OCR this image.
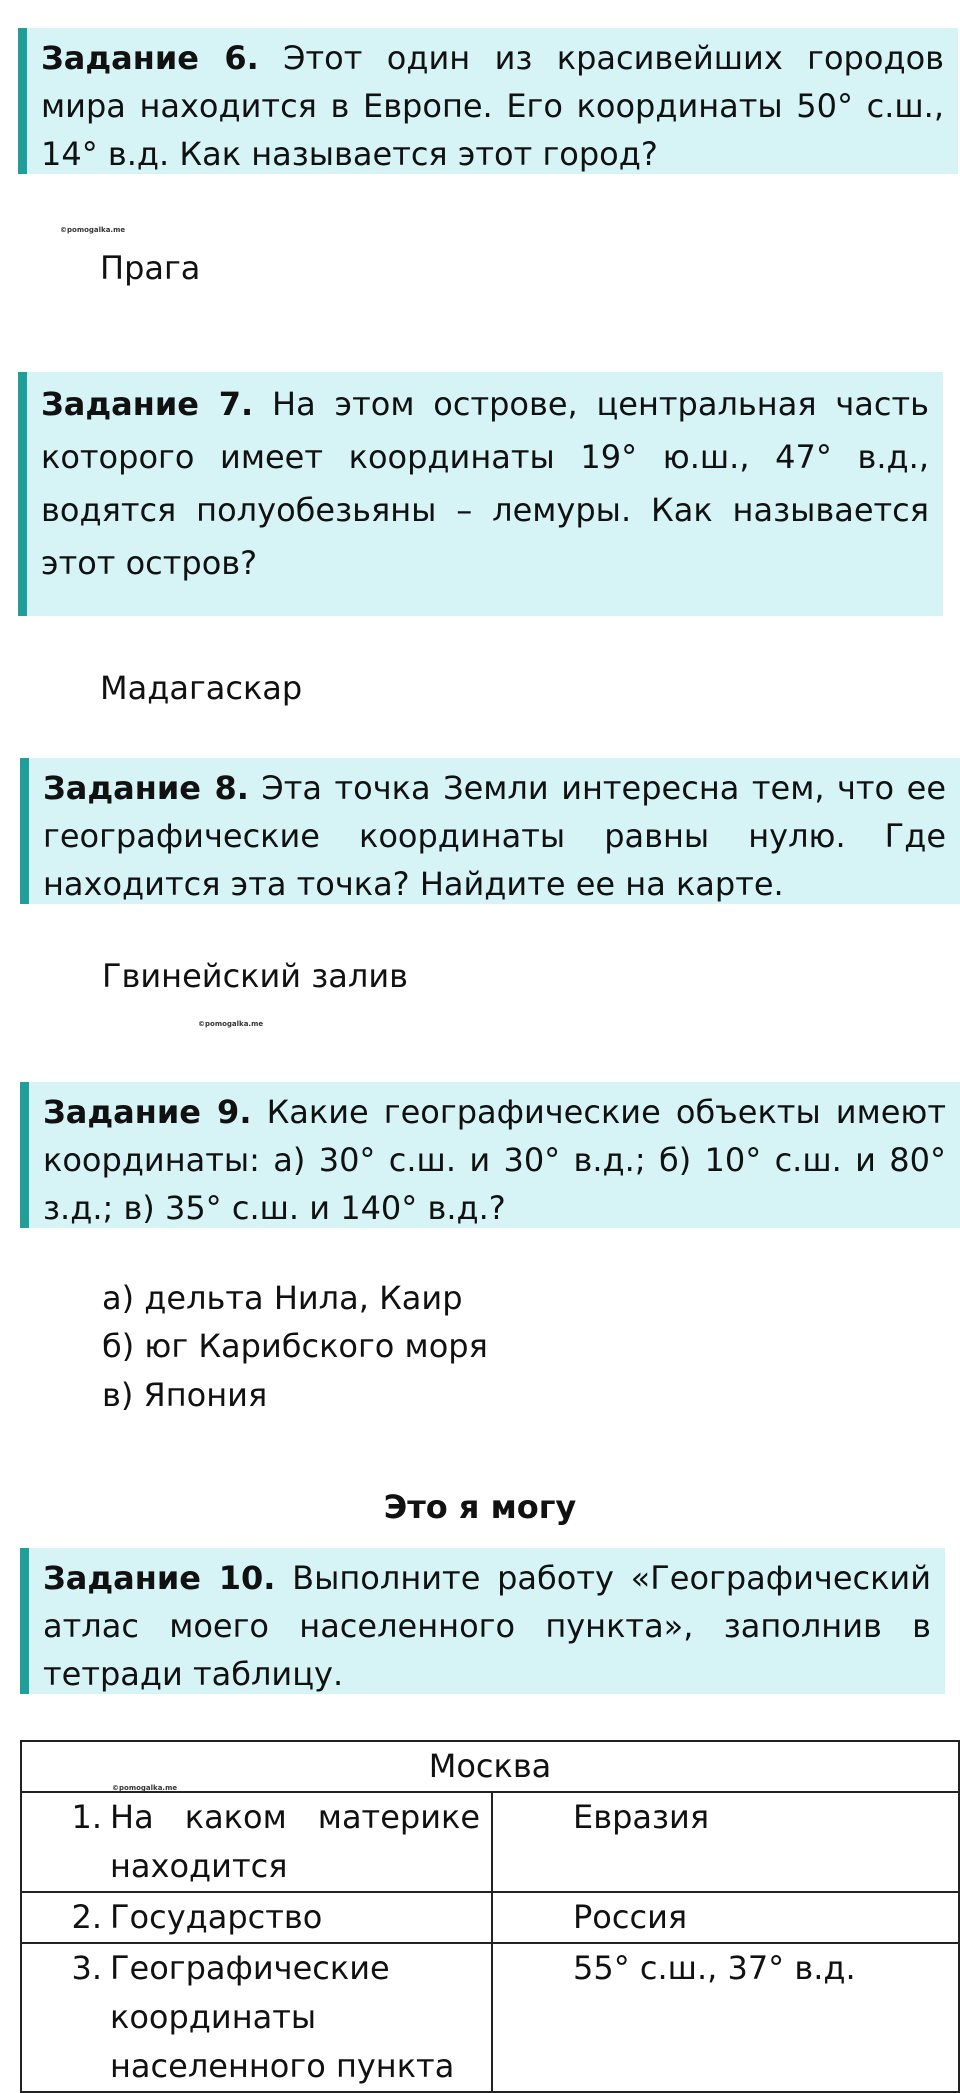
Задание 6. Этот один из красивейших городов мира находится в Европе. Его координаты 50° с.ш., 14° в.д. Как называется этот город?
©pomogalka.me
Прага
Задание 7. На этом острове, центральная часть которого имеет координаты 19° ю.ш., 47° в.д., водятся полуобезьяны – лемуры. Как называется этот остров?
Мадагаскар
Задание 8. Эта точка Земли интересна тем, что ее географические координаты равны нулю. Где находится эта точка? Найдите ее на карте.
Гвинейский залив
©pomogalka.me
Задание 9. Какие географические объекты имеют координаты: а) 30° с.ш. и 30° в.д.; б) 10° с.ш. и 80° з.д.; в) 35° с.ш. и 140° в.д.?
а) дельта Нила, Каир
б) юг Карибского моря
в) Япония
Это я могу
Задание 10. Выполните работу «Географический атлас моего населенного пункта», заполнив в тетради таблицу.
©pomogalka.me
Москва	
1. На каком материке находится	Евразия
2. Государство	Россия
3. Географические координаты населенного пункта	55° с.ш., 37° в.д.
